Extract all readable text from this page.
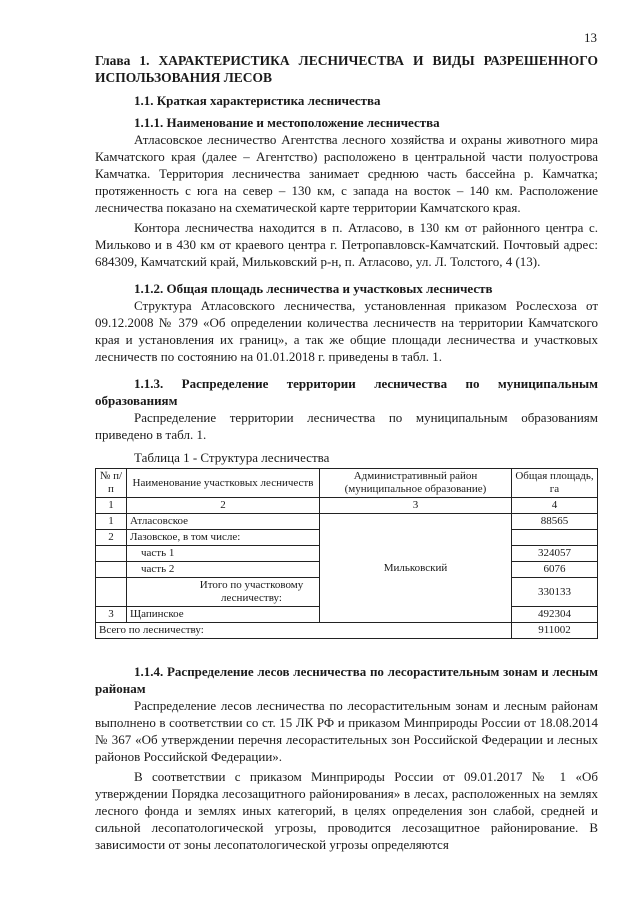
13
Глава 1. ХАРАКТЕРИСТИКА ЛЕСНИЧЕСТВА И ВИДЫ РАЗРЕШЕННОГО ИСПОЛЬЗОВАНИЯ ЛЕСОВ
1.1. Краткая характеристика лесничества
1.1.1. Наименование и местоположение лесничества

Атласовское лесничество Агентства лесного хозяйства и охраны животного мира Камчатского края (далее – Агентство) расположено в центральной части полуострова Камчатка. Территория лесничества занимает среднюю часть бассейна р. Камчатка; протяженность с юга на север – 130 км, с запада на восток – 140 км. Расположение лесничества показано на схематической карте территории Камчатского края.

Контора лесничества находится в п. Атласово, в 130 км от районного центра с. Мильково и в 430 км от краевого центра г. Петропавловск-Камчатский. Почтовый адрес: 684309, Камчатский край, Мильковский р-н, п. Атласово, ул. Л. Толстого, 4 (13).

1.1.2. Общая площадь лесничества и участковых лесничеств

Структура Атласовского лесничества, установленная приказом Рослесхоза от 09.12.2008 № 379 «Об определении количества лесничеств на территории Камчатского края и установления их границ», а так же общие площади лесничества и участковых лесничеств по состоянию на 01.01.2018 г. приведены в табл. 1.

1.1.3. Распределение территории лесничества по муниципальным образованиям

Распределение территории лесничества по муниципальным образованиям приведено в табл. 1.

Таблица 1 - Структура лесничества
№ п/п	Наименование участковых лесничеств	Административный район (муниципальное образование)	Общая площадь, га
1	2	3	4
1	Атласовское	Мильковский	88565
2	Лазовское, в том числе:		
	часть 1		324057
	часть 2		6076
	Итого по участковому лесничеству:		330133
3	Щапинское		492304
Всего по лесничеству:			911002
1.1.4. Распределение лесов лесничества по лесорастительным зонам и лесным районам

Распределение лесов лесничества по лесорастительным зонам и лесным районам выполнено в соответствии со ст. 15 ЛК РФ и приказом Минприроды России от 18.08.2014 № 367 «Об утверждении перечня лесорастительных зон Российской Федерации и лесных районов Российской Федерации».

В соответствии с приказом Минприроды России от 09.01.2017 № 1 «Об утверждении Порядка лесозащитного районирования» в лесах, расположенных на землях лесного фонда и землях иных категорий, в целях определения зон слабой, средней и сильной лесопатологической угрозы, проводится лесозащитное районирование. В зависимости от зоны лесопатологической угрозы определяются
